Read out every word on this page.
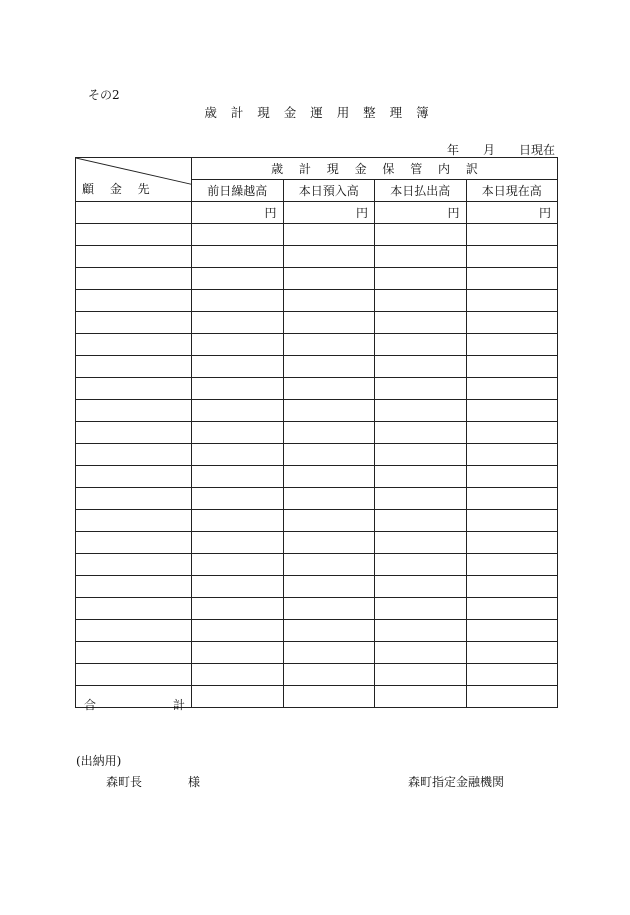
その2
歳 計 現 金 運 用 整 理 簿
年 月 日現在
顧 金 先	歳 計 現 金 保 管 内 訳			
	前日繰越高	本日預入高	本日払出高	本日現在高
	円	円	円	円

合 計				

(出納用)
森町長	様	森町指定金融機関
